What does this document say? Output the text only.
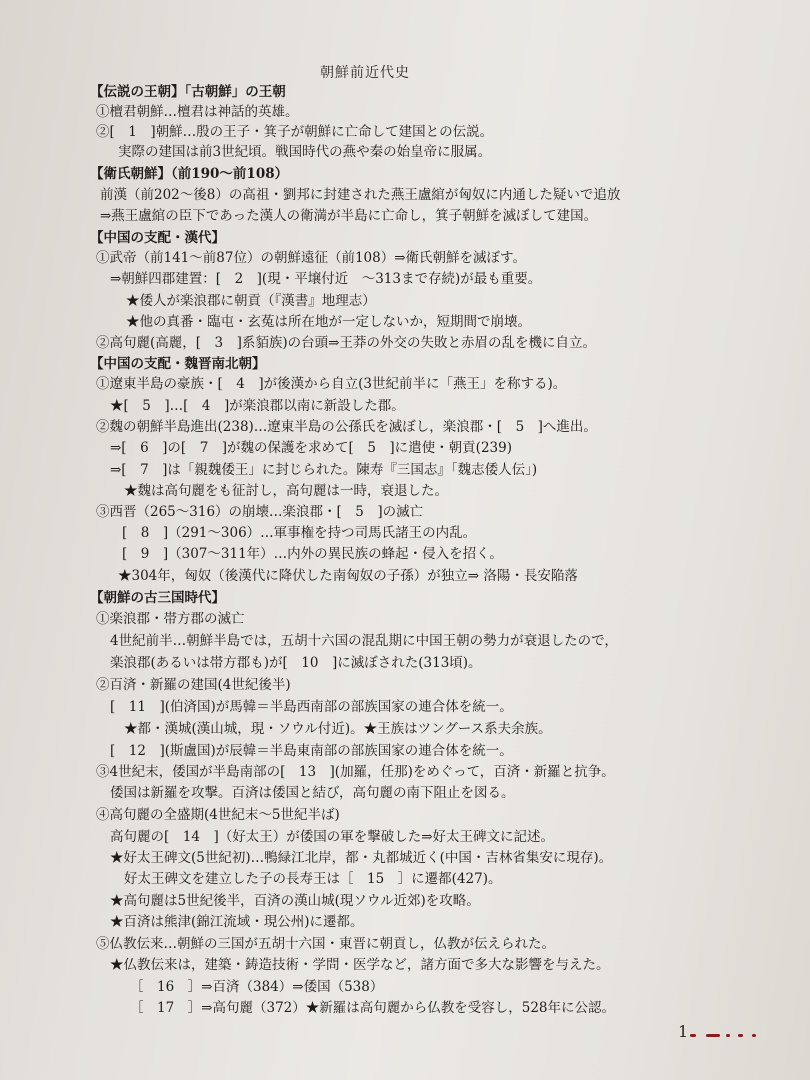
朝鮮前近代史
【伝説の王朝】「古朝鮮」の王朝
①檀君朝鮮…檀君は神話的英雄。
②[　1　]朝鮮…殷の王子・箕子が朝鮮に亡命して建国との伝説。
実際の建国は前3世紀頃。戦国時代の燕や秦の始皇帝に服属。
【衛氏朝鮮】（前190〜前108）
前漢（前202〜後8）の高祖・劉邦に封建された燕王盧綰が匈奴に内通した疑いで追放
⇒燕王盧綰の臣下であった漢人の衛満が半島に亡命し，箕子朝鮮を滅ぼして建国。
【中国の支配・漢代】
①武帝（前141〜前87位）の朝鮮遠征（前108）⇒衛氏朝鮮を滅ぼす。
⇒朝鮮四郡建置：[　2　](現・平壌付近　〜313まで存続)が最も重要。
★倭人が楽浪郡に朝貢（『漢書』地理志）
★他の真番・臨屯・玄菟は所在地が一定しないか，短期間で崩壊。
②高句麗(高麗，[　3　]系貊族)の台頭⇒王莽の外交の失敗と赤眉の乱を機に自立。
【中国の支配・魏晋南北朝】
①遼東半島の豪族・[　4　]が後漢から自立(3世紀前半に「燕王」を称する)。
★[　5　]…[　4　]が楽浪郡以南に新設した郡。
②魏の朝鮮半島進出(238)…遼東半島の公孫氏を滅ぼし，楽浪郡・[　5　]へ進出。
⇒[　6　]の[　7　]が魏の保護を求めて[　5　]に遣使・朝貢(239)
⇒[　7　]は「親魏倭王」に封じられた。陳寿『三国志』「魏志倭人伝」)
★魏は高句麗をも征討し，高句麗は一時，衰退した。
③西晋（265〜316）の崩壊…楽浪郡・[　5　]の滅亡
[　8　]（291〜306）…軍事権を持つ司馬氏諸王の内乱。
[　9　]（307〜311年）…内外の異民族の蜂起・侵入を招く。
★304年，匈奴（後漢代に降伏した南匈奴の子孫）が独立⇒ 洛陽・長安陥落
【朝鮮の古三国時代】
①楽浪郡・帯方郡の滅亡
4世紀前半…朝鮮半島では，五胡十六国の混乱期に中国王朝の勢力が衰退したので，
楽浪郡(あるいは帯方郡も)が[　10　]に滅ぼされた(313頃)。
②百済・新羅の建国(4世紀後半)
[　11　](伯済国)が馬韓＝半島西南部の部族国家の連合体を統一。
★都・漢城(漢山城，現・ソウル付近)。★王族はツングース系夫余族。
[　12　](斯盧国)が辰韓＝半島東南部の部族国家の連合体を統一。
③4世紀末，倭国が半島南部の[　13　](加羅，任那)をめぐって，百済・新羅と抗争。
倭国は新羅を攻撃。百済は倭国と結び，高句麗の南下阻止を図る。
④高句麗の全盛期(4世紀末〜5世紀半ば)
高句麗の[　14　]（好太王）が倭国の軍を撃破した⇒好太王碑文に記述。
★好太王碑文(5世紀初)…鴨緑江北岸，都・丸都城近く(中国・吉林省集安に現存)。
好太王碑文を建立した子の長寿王は［　15　］に遷都(427)。
★高句麗は5世紀後半，百済の漢山城(現ソウル近郊)を攻略。
★百済は熊津(錦江流域・現公州)に遷都。
⑤仏教伝来…朝鮮の三国が五胡十六国・東晋に朝貢し，仏教が伝えられた。
★仏教伝来は，建築・鋳造技術・学問・医学など，諸方面で多大な影響を与えた。
［　16　］⇒百済（384）⇒倭国（538）
［　17　］⇒高句麗（372）★新羅は高句麗から仏教を受容し，528年に公認。
1
